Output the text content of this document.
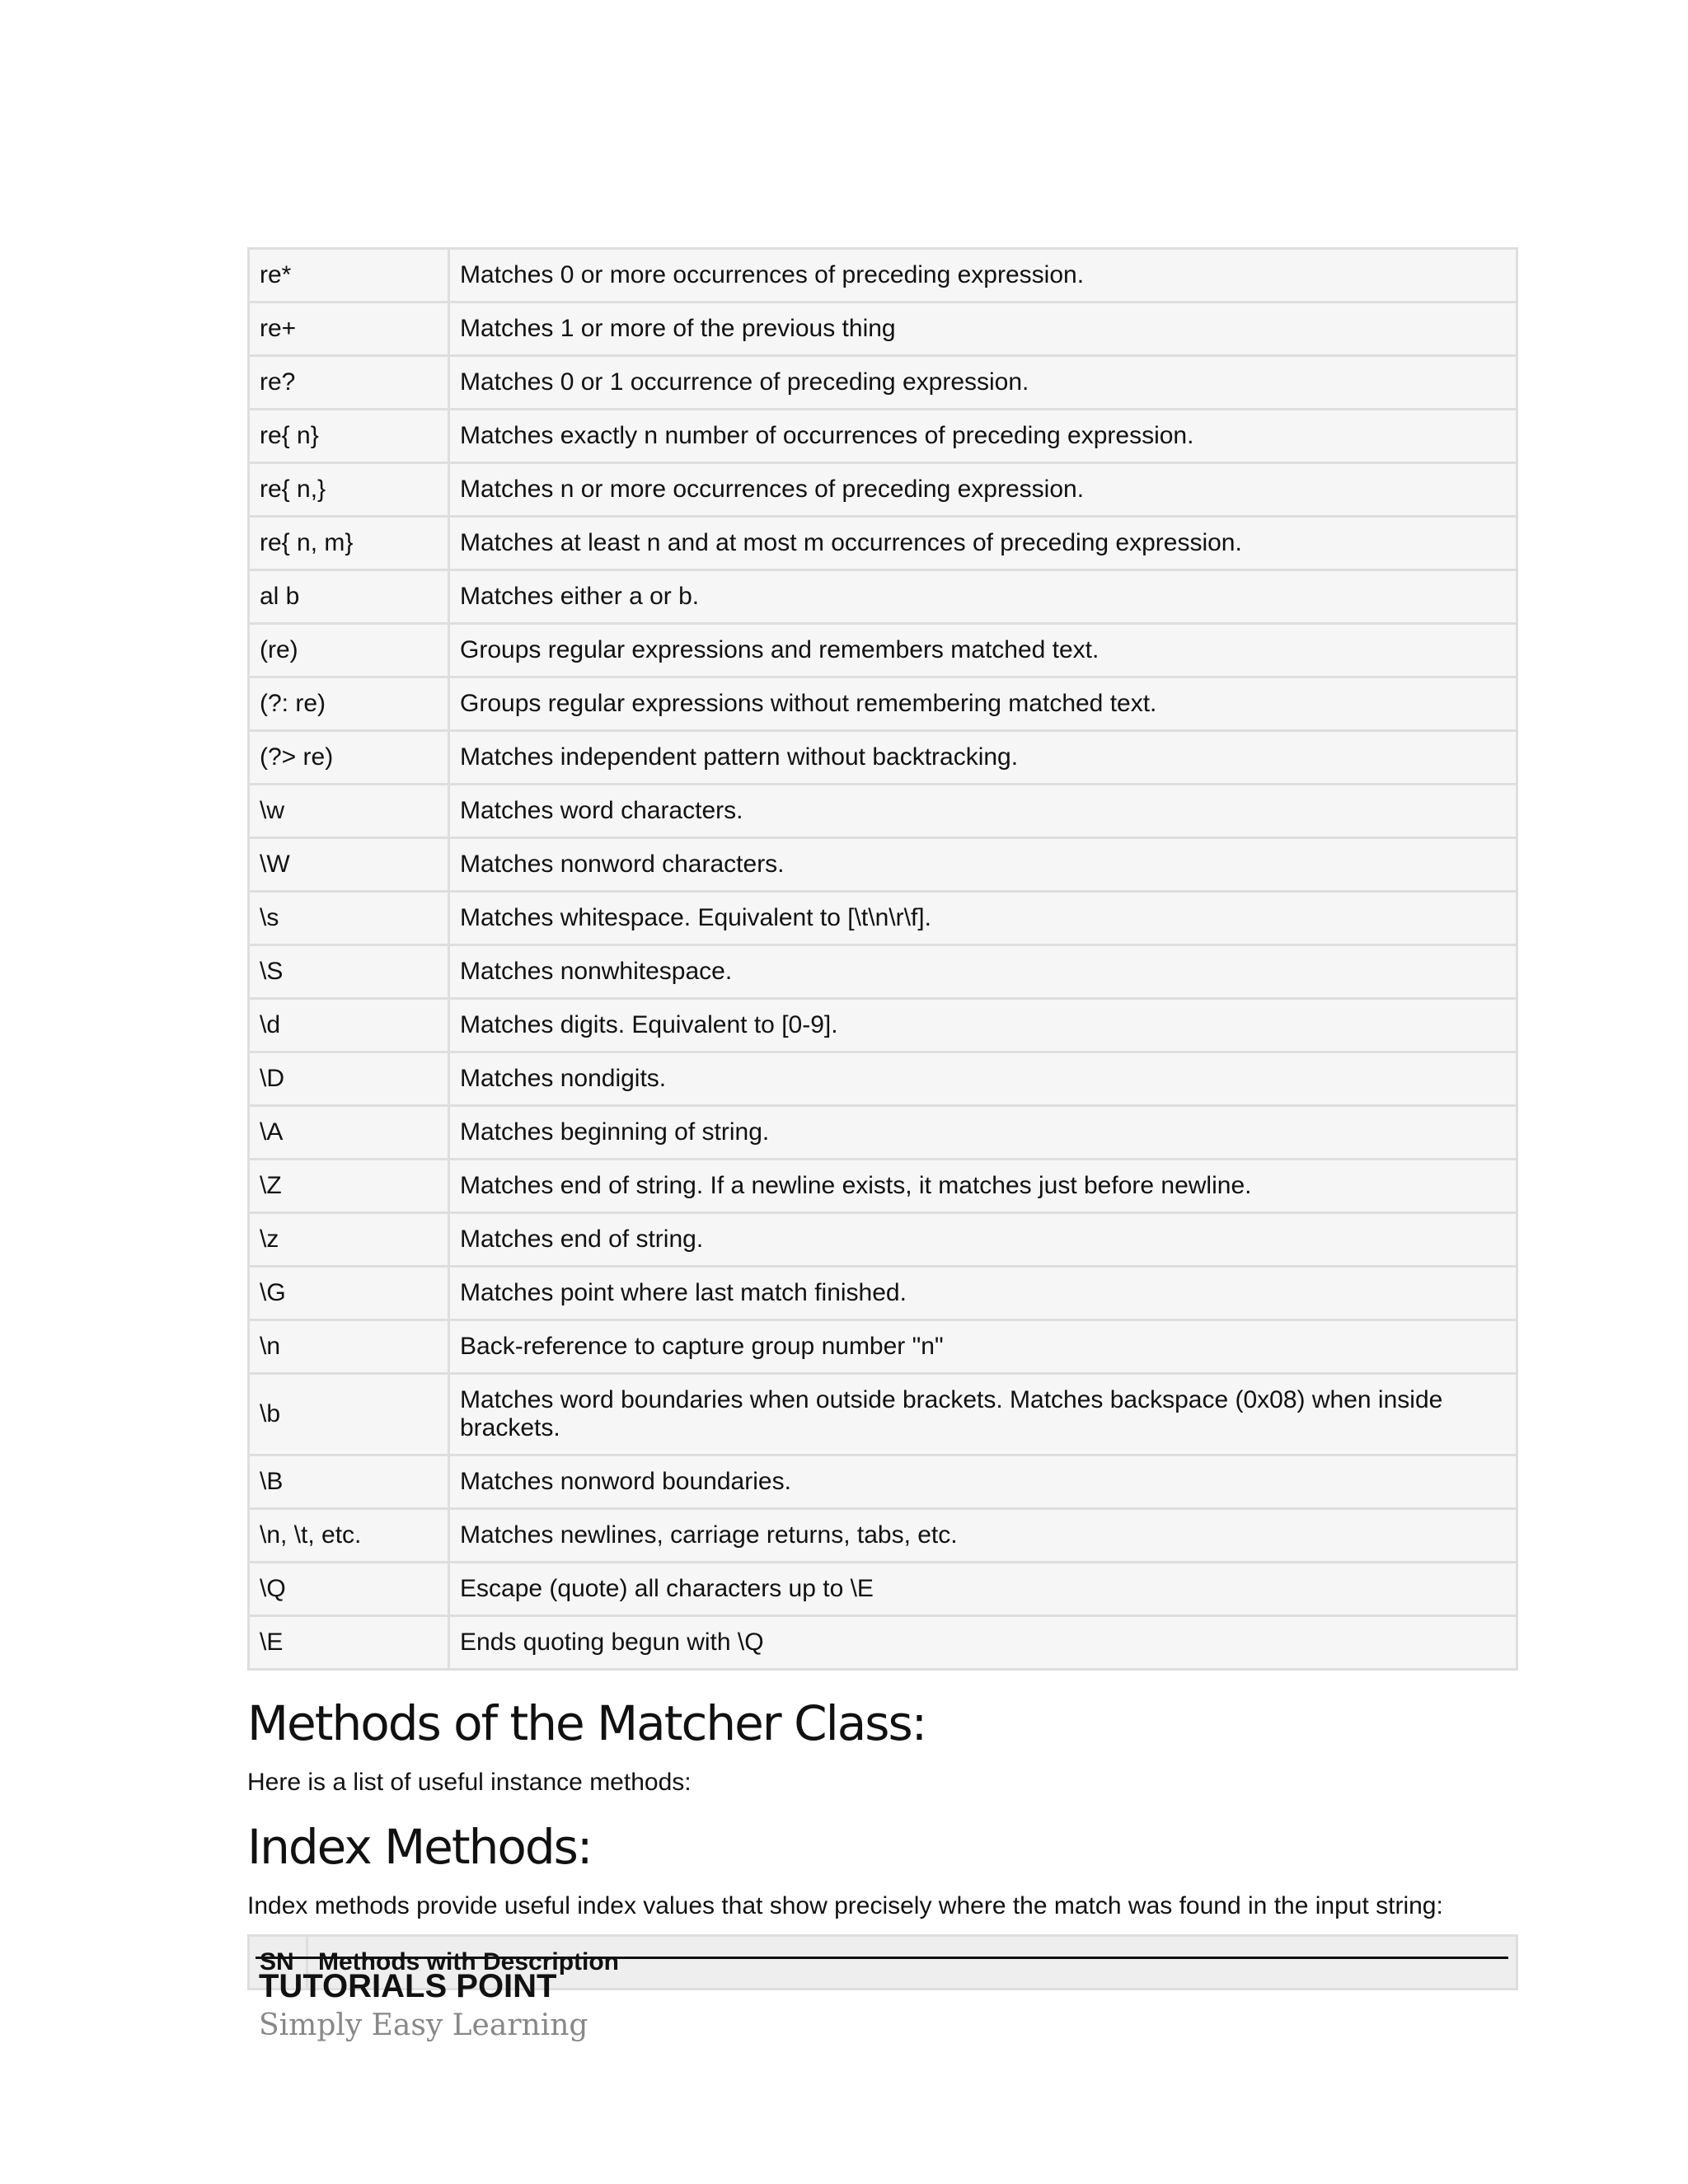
re*	Matches 0 or more occurrences of preceding expression.
re+	Matches 1 or more of the previous thing
re?	Matches 0 or 1 occurrence of preceding expression.
re{ n}	Matches exactly n number of occurrences of preceding expression.
re{ n,}	Matches n or more occurrences of preceding expression.
re{ n, m}	Matches at least n and at most m occurrences of preceding expression.
al b	Matches either a or b.
(re)	Groups regular expressions and remembers matched text.
(?: re)	Groups regular expressions without remembering matched text.
(?> re)	Matches independent pattern without backtracking.
\w	Matches word characters.
\W	Matches nonword characters.
\s	Matches whitespace. Equivalent to [\t\n\r\f].
\S	Matches nonwhitespace.
\d	Matches digits. Equivalent to [0-9].
\D	Matches nondigits.
\A	Matches beginning of string.
\Z	Matches end of string. If a newline exists, it matches just before newline.
\z	Matches end of string.
\G	Matches point where last match finished.
\n	Back-reference to capture group number "n"
\b	Matches word boundaries when outside brackets. Matches backspace (0x08) when inside brackets.
\B	Matches nonword boundaries.
\n, \t, etc.	Matches newlines, carriage returns, tabs, etc.
\Q	Escape (quote) all characters up to \E
\E	Ends quoting begun with \Q
Methods of the Matcher Class:

Here is a list of useful instance methods:

Index Methods:

Index methods provide useful index values that show precisely where the match was found in the input string:

SN	Methods with Description
TUTORIALS POINT
Simply Easy Learning
